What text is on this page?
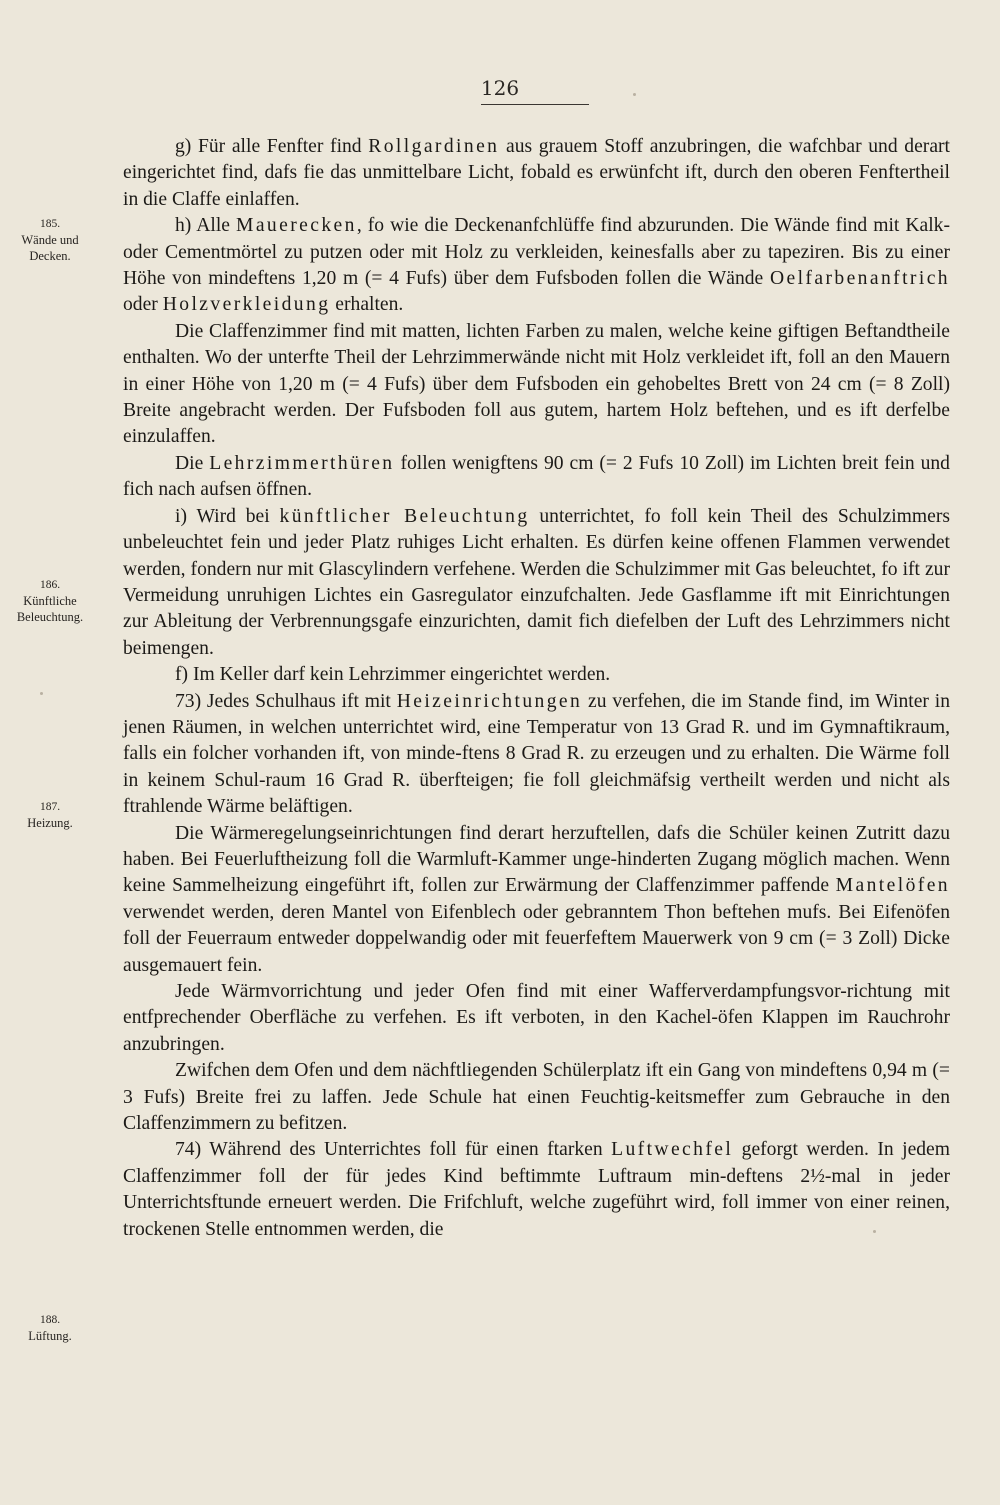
126
185.
Wände und
Decken.
186.
Künftliche
Beleuchtung.
187.
Heizung.
188.
Lüftung.

g) Für alle Fenfter find Rollgardinen aus grauem Stoff anzubringen, die wafchbar und derart eingerichtet find, dafs fie das unmittelbare Licht, fobald es erwünfcht ift, durch den oberen Fenftertheil in die Claffe einlaffen.

h) Alle Mauerecken, fo wie die Deckenanfchlüffe find abzurunden. Die Wände find mit Kalk- oder Cementmörtel zu putzen oder mit Holz zu verkleiden, keinesfalls aber zu tapeziren. Bis zu einer Höhe von mindeftens 1,20 m (= 4 Fufs) über dem Fufsboden follen die Wände Oelfarbenanftrich oder Holzverkleidung erhalten.

Die Claffenzimmer find mit matten, lichten Farben zu malen, welche keine giftigen Beftandtheile enthalten. Wo der unterfte Theil der Lehrzimmerwände nicht mit Holz verkleidet ift, foll an den Mauern in einer Höhe von 1,20 m (= 4 Fufs) über dem Fufsboden ein gehobeltes Brett von 24 cm (= 8 Zoll) Breite angebracht werden. Der Fufsboden foll aus gutem, hartem Holz beftehen, und es ift derfelbe einzulaffen.

Die Lehrzimmerthüren follen wenigftens 90 cm (= 2 Fufs 10 Zoll) im Lichten breit fein und fich nach aufsen öffnen.

i) Wird bei künftlicher Beleuchtung unterrichtet, fo foll kein Theil des Schulzimmers unbeleuchtet fein und jeder Platz ruhiges Licht erhalten. Es dürfen keine offenen Flammen verwendet werden, fondern nur mit Glascylindern verfehene. Werden die Schulzimmer mit Gas beleuchtet, fo ift zur Vermeidung unruhigen Lichtes ein Gasregulator einzufchalten. Jede Gasflamme ift mit Einrichtungen zur Ableitung der Verbrennungsgafe einzurichten, damit fich diefelben der Luft des Lehrzimmers nicht beimengen.

f) Im Keller darf kein Lehrzimmer eingerichtet werden.

73) Jedes Schulhaus ift mit Heizeinrichtungen zu verfehen, die im Stande find, im Winter in jenen Räumen, in welchen unterrichtet wird, eine Temperatur von 13 Grad R. und im Gymnaftikraum, falls ein folcher vorhanden ift, von minde-ftens 8 Grad R. zu erzeugen und zu erhalten. Die Wärme foll in keinem Schul-raum 16 Grad R. überfteigen; fie foll gleichmäfsig vertheilt werden und nicht als ftrahlende Wärme beläftigen.

Die Wärmeregelungseinrichtungen find derart herzuftellen, dafs die Schüler keinen Zutritt dazu haben. Bei Feuerluftheizung foll die Warmluft-Kammer unge-hinderten Zugang möglich machen. Wenn keine Sammelheizung eingeführt ift, follen zur Erwärmung der Claffenzimmer paffende Mantelöfen verwendet werden, deren Mantel von Eifenblech oder gebranntem Thon beftehen mufs. Bei Eifenöfen foll der Feuerraum entweder doppelwandig oder mit feuerfeftem Mauerwerk von 9 cm (= 3 Zoll) Dicke ausgemauert fein.

Jede Wärmvorrichtung und jeder Ofen find mit einer Wafferverdampfungsvor-richtung mit entfprechender Oberfläche zu verfehen. Es ift verboten, in den Kachel-öfen Klappen im Rauchrohr anzubringen.

Zwifchen dem Ofen und dem nächftliegenden Schülerplatz ift ein Gang von mindeftens 0,94 m (= 3 Fufs) Breite frei zu laffen. Jede Schule hat einen Feuchtig-keitsmeffer zum Gebrauche in den Claffenzimmern zu befitzen.

74) Während des Unterrichtes foll für einen ftarken Luftwechfel geforgt werden. In jedem Claffenzimmer foll der für jedes Kind beftimmte Luftraum min-deftens 2½-mal in jeder Unterrichtsftunde erneuert werden. Die Frifchluft, welche zugeführt wird, foll immer von einer reinen, trockenen Stelle entnommen werden, die
